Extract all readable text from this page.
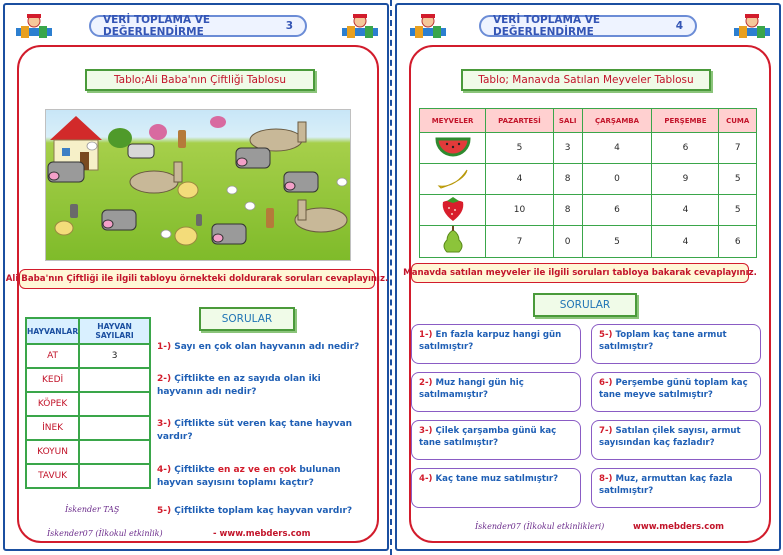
VERİ TOPLAMA VE DEĞERLENDİRME	3
Tablo;Ali Baba'nın Çiftliği Tablosu
Ali Baba'nın Çiftliği ile ilgili tabloyu örnekteki doldurarak soruları cevaplayınız.
SORULAR
HAYVANLAR	HAYVAN SAYILARI
AT	3
KEDİ	
KÖPEK	
İNEK	
KOYUN	
TAVUK	
1-) Sayı en çok olan hayvanın adı nedir?
2-) Çiftlikte en az sayıda olan iki hayvanın adı nedir?
3-) Çiftlikte süt veren kaç tane hayvan vardır?
4-) Çiftlikte en az ve en çok bulunan hayvan sayısını toplamı kaçtır?
5-) Çiftlikte toplam kaç hayvan vardır?
İskender TAŞ
İskender07 (İlkokul etkinlik)	- www.mebders.com
VERİ TOPLAMA VE DEĞERLENDİRME	4
Tablo; Manavda Satılan Meyveler Tablosu
MEYVELER	PAZARTESİ	SALI	ÇARŞAMBA	PERŞEMBE	CUMA
	5	3	4	6	7
	4	8	0	9	5
	10	8	6	4	5
	7	0	5	4	6
Manavda satılan meyveler ile ilgili soruları tabloya bakarak cevaplayınız.
SORULAR
1-) En fazla karpuz hangi gün satılmıştır?
5-) Toplam kaç tane armut satılmıştır?
2-) Muz hangi gün hiç satılmamıştır?
6-) Perşembe günü toplam kaç tane meyve satılmıştır?
3-) Çilek çarşamba günü kaç tane satılmıştır?
7-) Satılan çilek sayısı, armut sayısından kaç fazladır?
4-) Kaç tane muz satılmıştır?	8-) Muz, armuttan kaç fazla satılmıştır?
İskender07 (İlkokul etkinlikleri)	www.mebders.com
